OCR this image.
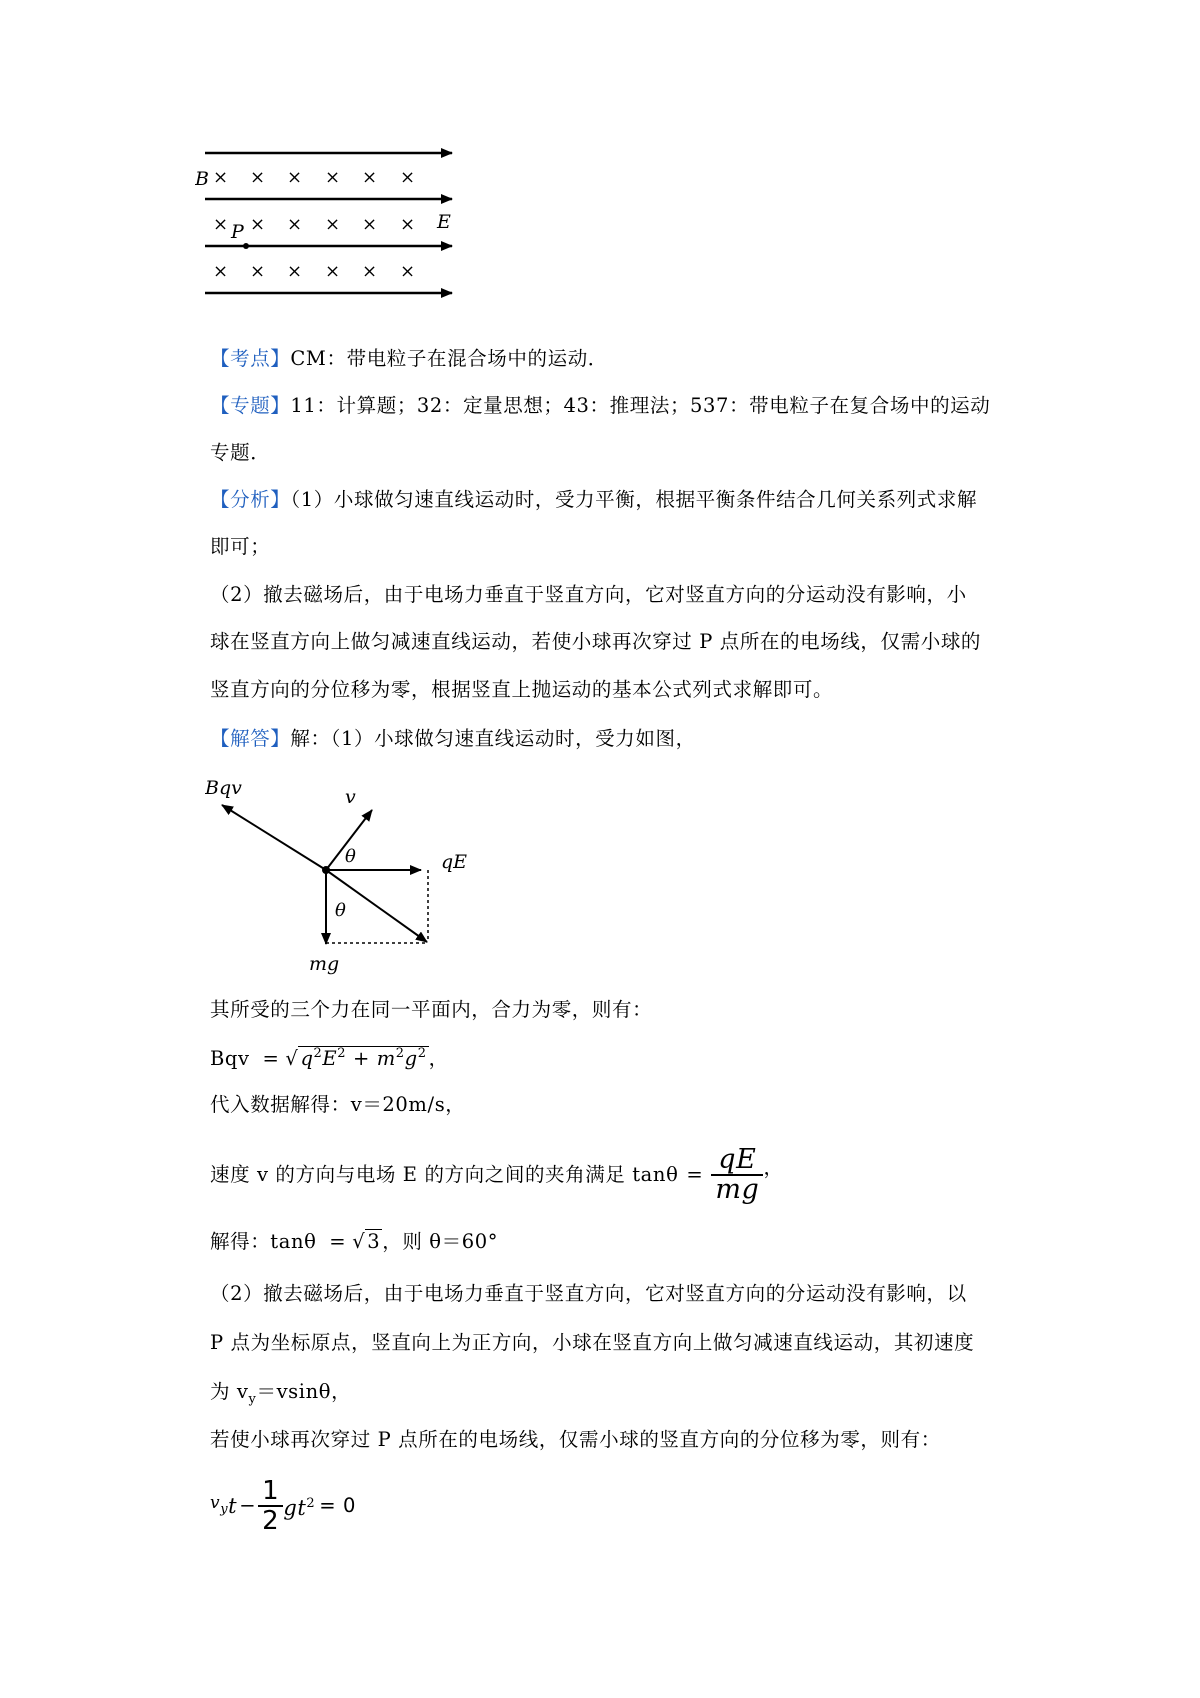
× × × × × ×
× × × × × ×
× × × × × ×
B
P	E
【考点】CM：带电粒子在混合场中的运动．
【专题】11：计算题；32：定量思想；43：推理法；537：带电粒子在复合场中的运动
专题．
【分析】（1）小球做匀速直线运动时，受力平衡，根据平衡条件结合几何关系列式求解
即可；
（2）撤去磁场后，由于电场力垂直于竖直方向，它对竖直方向的分运动没有影响，小
球在竖直方向上做匀减速直线运动，若使小球再次穿过 P 点所在的电场线，仅需小球的
竖直方向的分位移为零，根据竖直上抛运动的基本公式列式求解即可。
【解答】解：（1）小球做匀速直线运动时，受力如图，
Bqv	v
θ	qE
θ
mg
其所受的三个力在同一平面内，合力为零，则有：
Bqv = √ $q^2E^2 + m^2g^2$ ，
代入数据解得：v＝20m/s，
速度 v 的方向与电场 E 的方向之间的夹角满足 $\tan\theta = \frac{qE}{mg}$ ，
解得：tanθ = √ 3 ，则 θ＝60°
（2）撤去磁场后，由于电场力垂直于竖直方向，它对竖直方向的分运动没有影响，以
P 点为坐标原点，竖直向上为正方向，小球在竖直方向上做匀减速直线运动，其初速度
为 $v_y=vsin\theta$，
若使小球再次穿过 P 点所在的电场线，仅需小球的竖直方向的分位移为零，则有：
$v_y$ $t - \frac{1}{2} gt^2 = 0$
